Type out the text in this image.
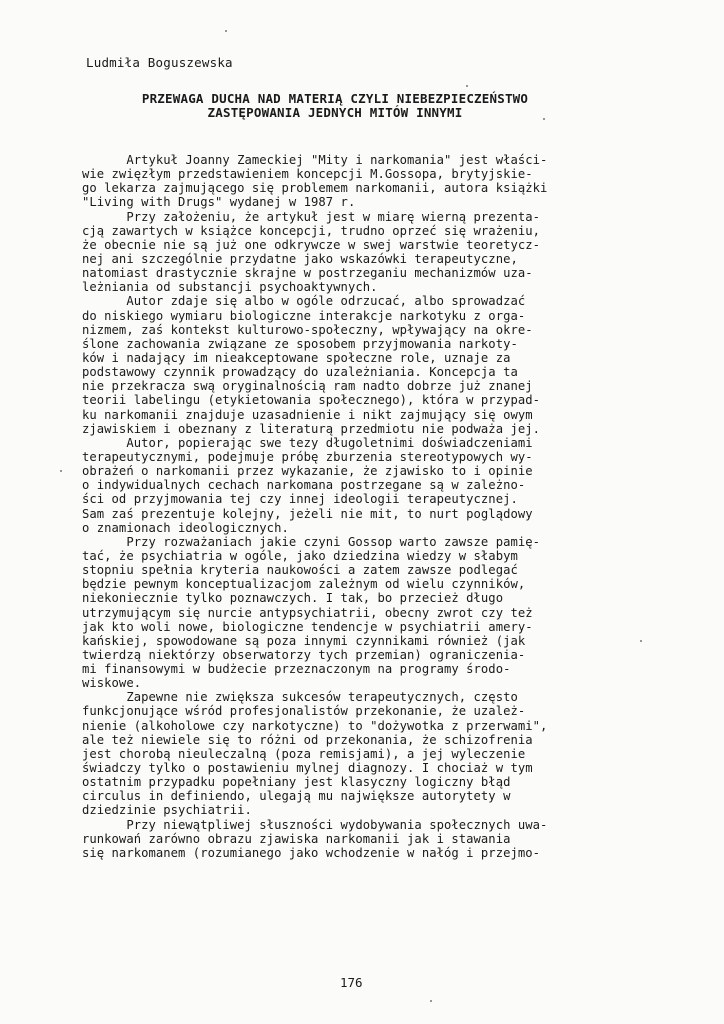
Ludmiła Boguszewska
PRZEWAGA DUCHA NAD MATERIĄ CZYLI NIEBEZPIECZEŃSTWO
ZASTĘPOWANIA JEDNYCH MITÓW INNYMI
Artykuł Joanny Zameckiej "Mity i narkomania" jest właści-
wie zwięzłym przedstawieniem koncepcji M.Gossopa, brytyjskie-
go lekarza zajmującego się problemem narkomanii, autora książki
"Living with Drugs" wydanej w 1987 r.
Przy założeniu, że artykuł jest w miarę wierną prezenta-
cją zawartych w książce koncepcji, trudno oprzeć się wrażeniu,
że obecnie nie są już one odkrywcze w swej warstwie teoretycz-
nej ani szczególnie przydatne jako wskazówki terapeutyczne,
natomiast drastycznie skrajne w postrzeganiu mechanizmów uza-
leżniania od substancji psychoaktywnych.
Autor zdaje się albo w ogóle odrzucać, albo sprowadzać
do niskiego wymiaru biologiczne interakcje narkotyku z orga-
nizmem, zaś kontekst kulturowo-społeczny, wpływający na okre-
ślone zachowania związane ze sposobem przyjmowania narkoty-
ków i nadający im nieakceptowane społeczne role, uznaje za
podstawowy czynnik prowadzący do uzależniania. Koncepcja ta
nie przekracza swą oryginalnością ram nadto dobrze już znanej
teorii labelingu (etykietowania społecznego), która w przypad-
ku narkomanii znajduje uzasadnienie i nikt zajmujący się owym
zjawiskiem i obeznany z literaturą przedmiotu nie podważa jej.
Autor, popierając swe tezy długoletnimi doświadczeniami
terapeutycznymi, podejmuje próbę zburzenia stereotypowych wy-
obrażeń o narkomanii przez wykazanie, że zjawisko to i opinie
o indywidualnych cechach narkomana postrzegane są w zależno-
ści od przyjmowania tej czy innej ideologii terapeutycznej.
Sam zaś prezentuje kolejny, jeżeli nie mit, to nurt poglądowy
o znamionach ideologicznych.
Przy rozważaniach jakie czyni Gossop warto zawsze pamię-
tać, że psychiatria w ogóle, jako dziedzina wiedzy w słabym
stopniu spełnia kryteria naukowości a zatem zawsze podlegać
będzie pewnym konceptualizacjom zależnym od wielu czynników,
niekoniecznie tylko poznawczych. I tak, bo przecież długo
utrzymującym się nurcie antypsychiatrii, obecny zwrot czy też
jak kto woli nowe, biologiczne tendencje w psychiatrii amery-
kańskiej, spowodowane są poza innymi czynnikami również (jak
twierdzą niektórzy obserwatorzy tych przemian) ograniczenia-
mi finansowymi w budżecie przeznaczonym na programy środo-
wiskowe.
Zapewne nie zwiększa sukcesów terapeutycznych, często
funkcjonujące wśród profesjonalistów przekonanie, że uzależ-
nienie (alkoholowe czy narkotyczne) to "dożywotka z przerwami",
ale też niewiele się to różni od przekonania, że schizofrenia
jest chorobą nieuleczalną (poza remisjami), a jej wyleczenie
świadczy tylko o postawieniu mylnej diagnozy. I chociaż w tym
ostatnim przypadku popełniany jest klasyczny logiczny błąd
circulus in definiendo, ulegają mu największe autorytety w
dziedzinie psychiatrii.
Przy niewątpliwej słuszności wydobywania społecznych uwa-
runkowań zarówno obrazu zjawiska narkomanii jak i stawania
się narkomanem (rozumianego jako wchodzenie w nałóg i przejmo-
176
